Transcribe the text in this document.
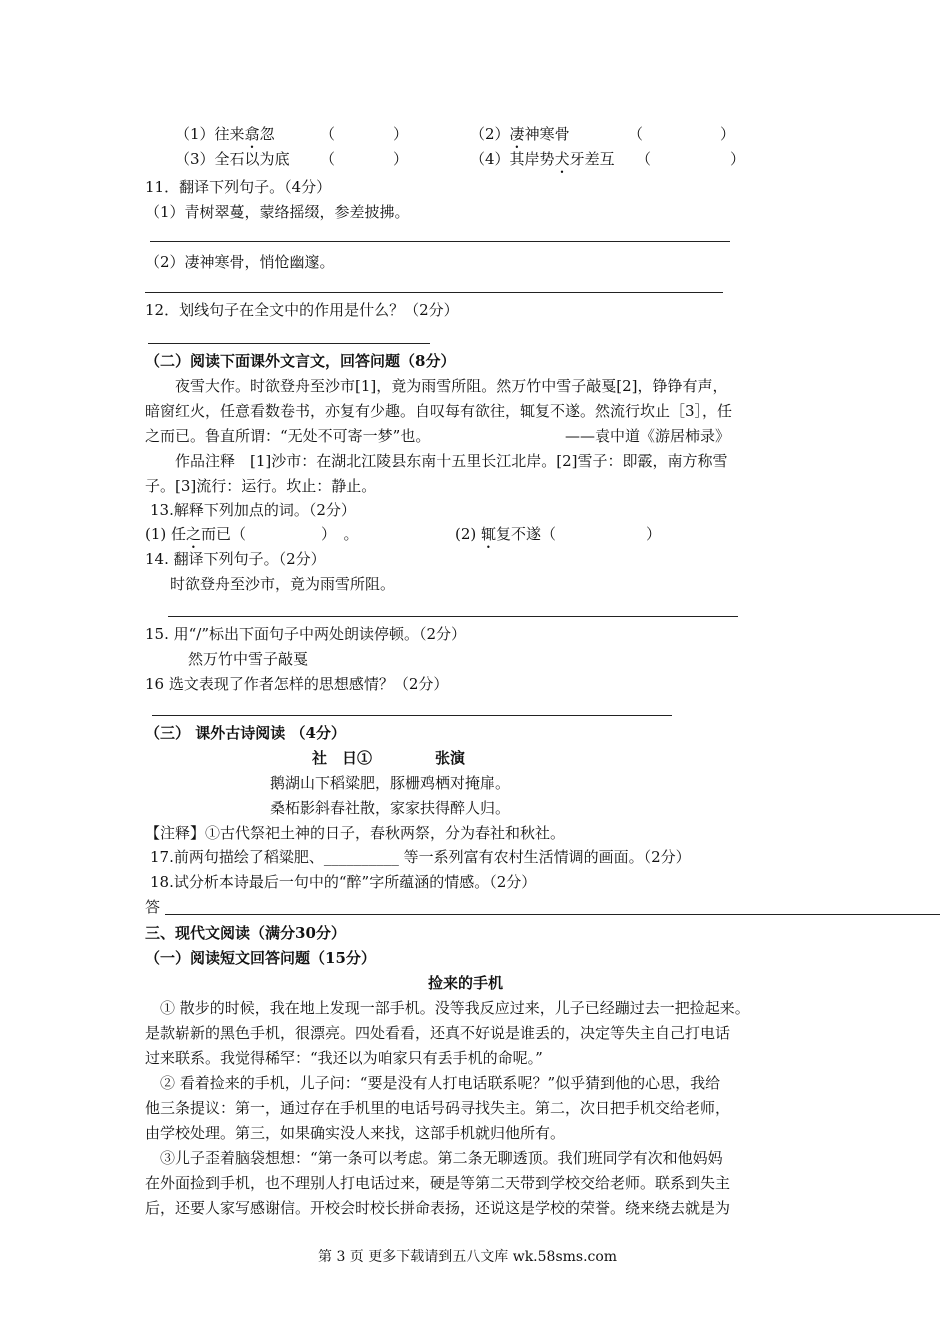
（1）往来翕忽	（	）	（2）凄神寒骨	（	）
（3）全石以为底 （	）	（4）其岸势犬牙差互 （	）
11．翻译下列句子。（4分）
（1）青树翠蔓，蒙络摇缀，参差披拂。
（2）凄神寒骨，悄怆幽邃。
12．划线句子在全文中的作用是什么？（2分）
（二）阅读下面课外文言文，回答问题（8分）
夜雪大作。时欲登舟至沙市[1]，竟为雨雪所阻。然万竹中雪子敲戛[2]，铮铮有声，
暗窗红火，任意看数卷书，亦复有少趣。自叹每有欲往，辄复不遂。然流行坎止［3］，任
之而已。鲁直所谓：“无处不可寄一梦”也。	——袁中道《游居柿录》
作品注释　[1]沙市：在湖北江陵县东南十五里长江北岸。[2]雪子：即霰，南方称雪
子。[3]流行：运行。坎止：静止。
13.解释下列加点的词。（2分）
(1) 任之而已（　　　　　）　。	(2) 辄复不遂（　　　　　　）
14. 翻译下列句子。（2分）
时欲登舟至沙市，竟为雨雪所阻。
15. 用“/”标出下面句子中两处朗读停顿。（2分）
然万竹中雪子敲戛
16 选文表现了作者怎样的思想感情？（2分）
（三） 课外古诗阅读 （4分）
社　日①	张演
鹅湖山下稻粱肥，豚栅鸡栖对掩扉。
桑柘影斜春社散，家家扶得醉人归。
【注释】①古代祭祀土神的日子，春秋两祭，分为春社和秋社。
17.前两句描绘了稻粱肥、__________ 等一系列富有农村生活情调的画面。（2分）
18.试分析本诗最后一句中的“醉”字所蕴涵的情感。（2分）
答
三、现代文阅读（满分30分）
（一）阅读短文回答问题（15分）
捡来的手机
① 散步的时候，我在地上发现一部手机。没等我反应过来，儿子已经蹦过去一把捡起来。
是款崭新的黑色手机，很漂亮。四处看看，还真不好说是谁丢的，决定等失主自己打电话
过来联系。我觉得稀罕：“我还以为咱家只有丢手机的命呢。”
② 看着捡来的手机，儿子问：“要是没有人打电话联系呢？”似乎猜到他的心思，我给
他三条提议：第一，通过存在手机里的电话号码寻找失主。第二，次日把手机交给老师，
由学校处理。第三，如果确实没人来找，这部手机就归他所有。
③儿子歪着脑袋想想：“第一条可以考虑。第二条无聊透顶。我们班同学有次和他妈妈
在外面捡到手机，也不理别人打电话过来，硬是等第二天带到学校交给老师。联系到失主
后，还要人家写感谢信。开校会时校长拼命表扬，还说这是学校的荣誉。绕来绕去就是为
第 3 页 更多下载请到五八文库 wk.58sms.com
